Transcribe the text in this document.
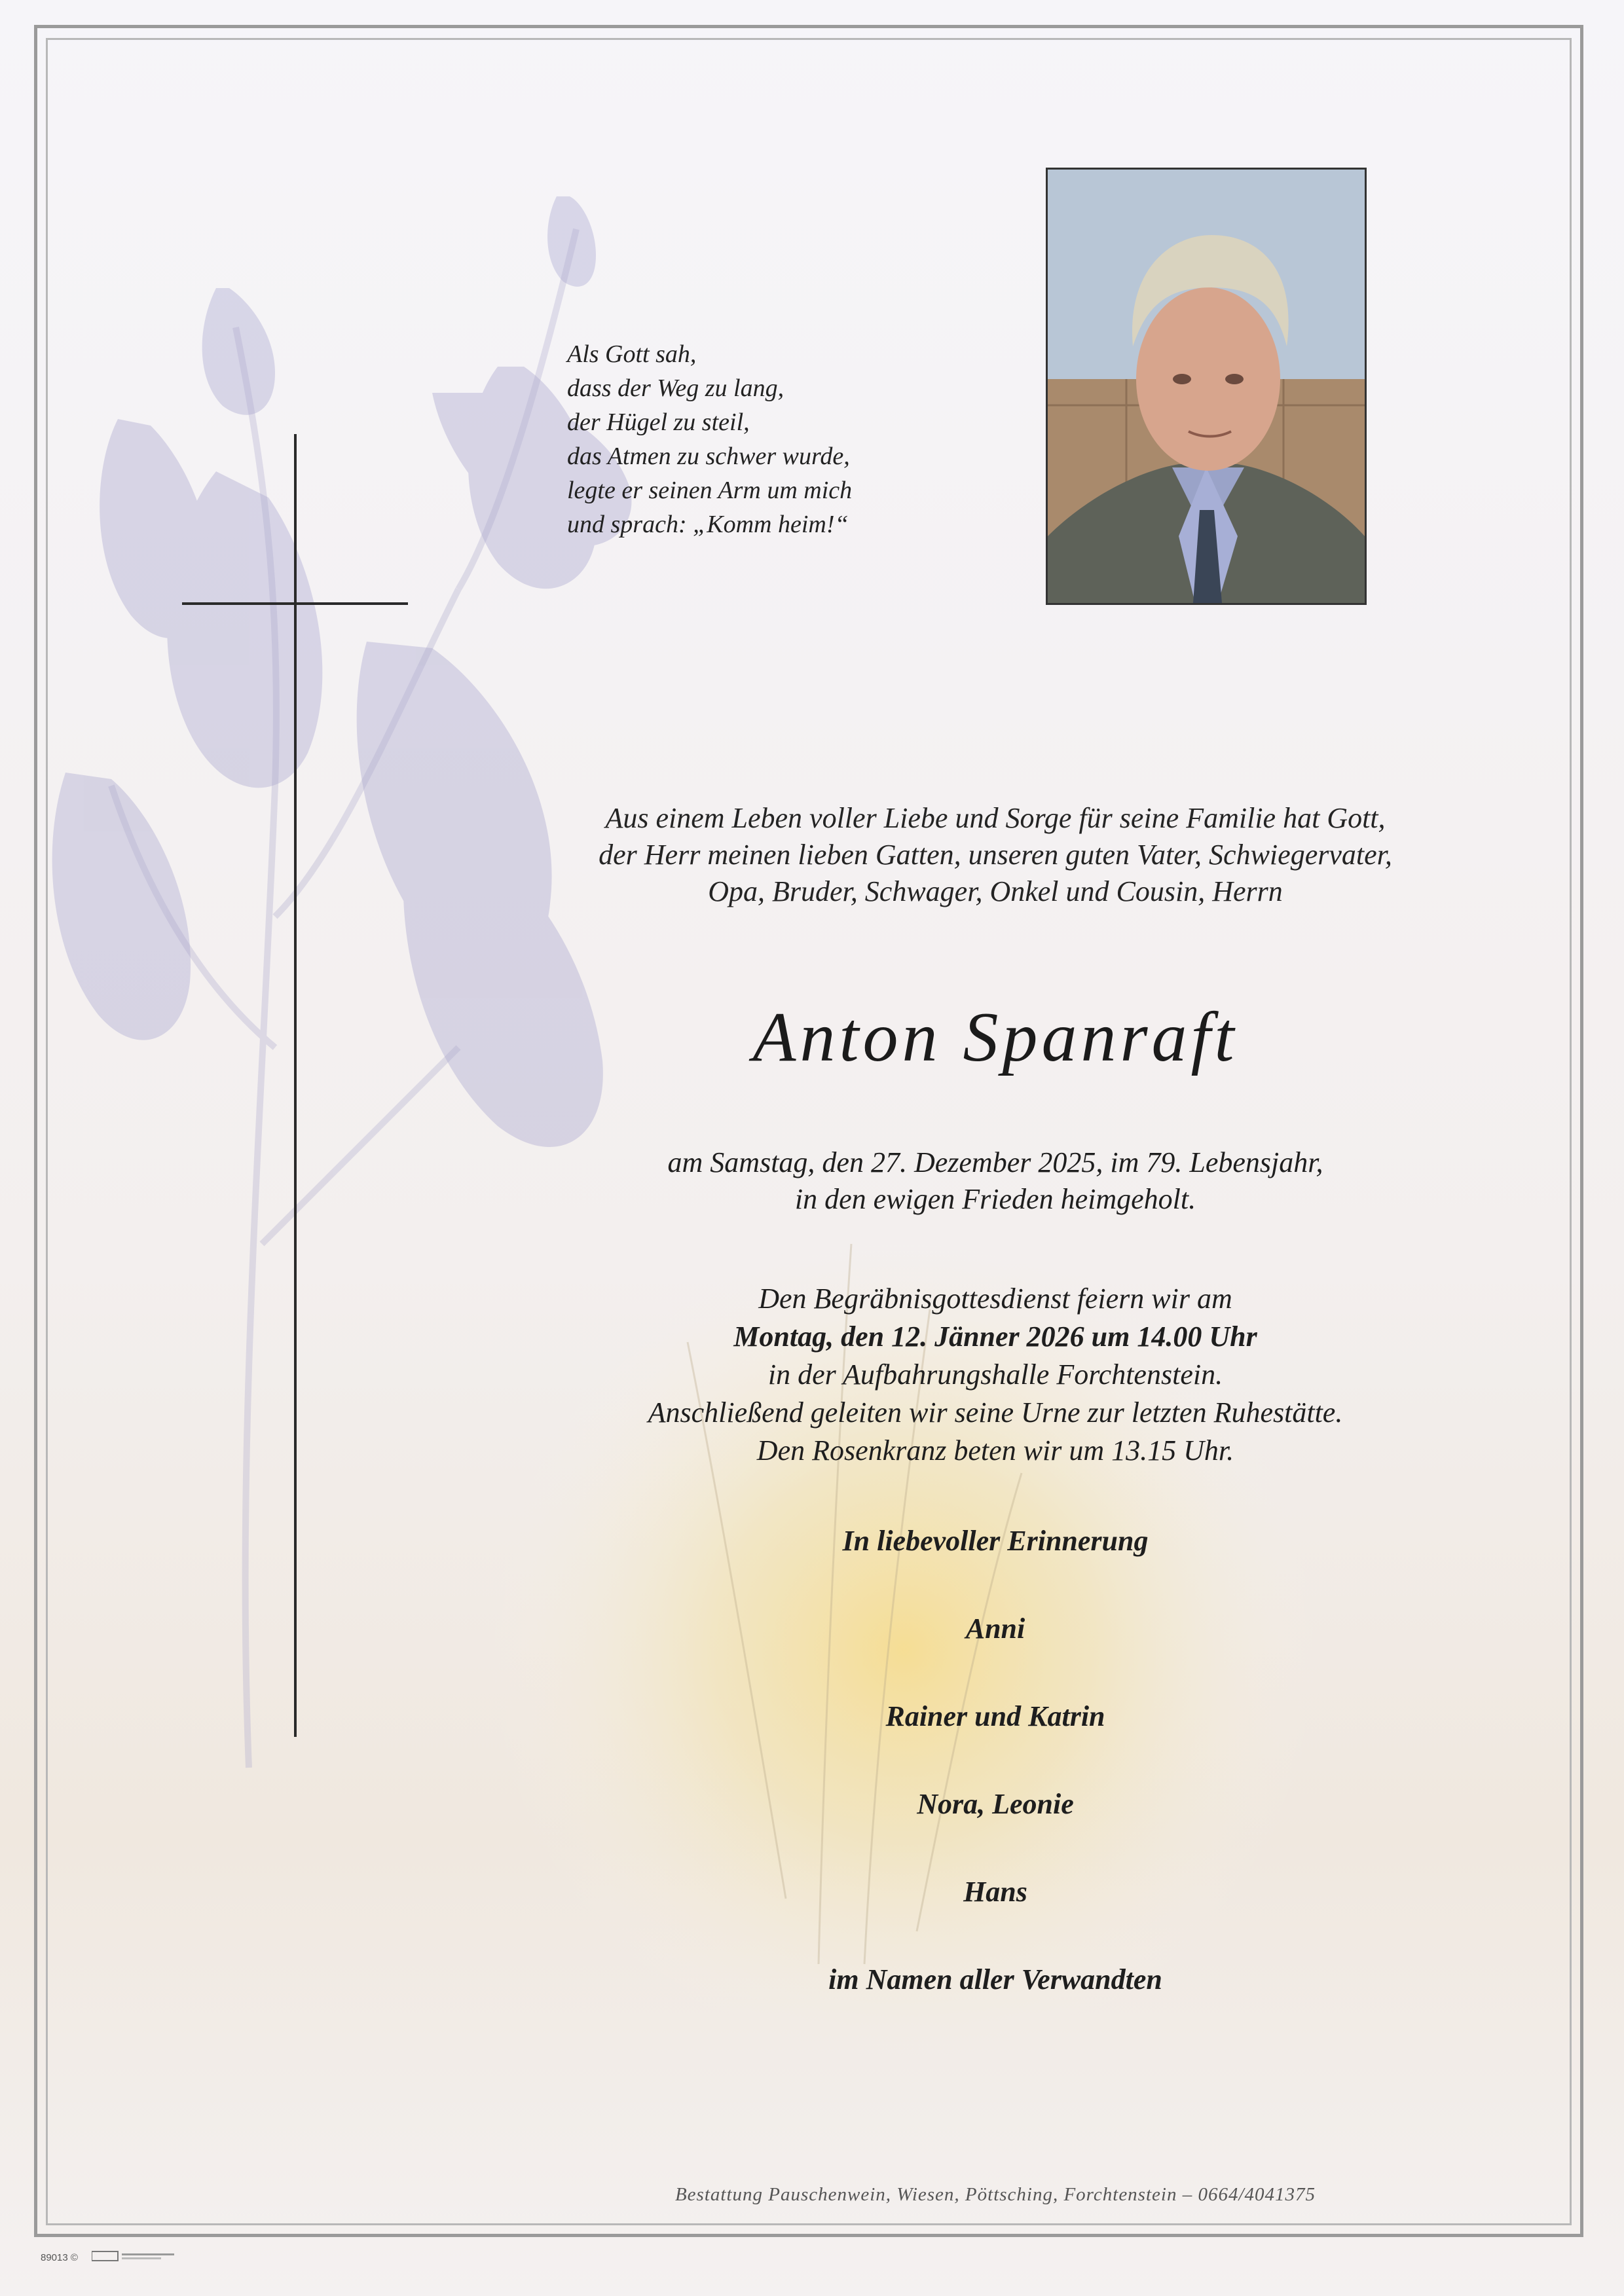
Als Gott sah,
dass der Weg zu lang,
der Hügel zu steil,
das Atmen zu schwer wurde,
legte er seinen Arm um mich
und sprach: „Komm heim!“
Aus einem Leben voller Liebe und Sorge für seine Familie hat Gott,
der Herr meinen lieben Gatten, unseren guten Vater, Schwiegervater,
Opa, Bruder, Schwager, Onkel und Cousin, Herrn
Anton Spanraft
am Samstag, den 27. Dezember 2025, im 79. Lebensjahr,
in den ewigen Frieden heimgeholt.
Den Begräbnisgottesdienst feiern wir am
Montag, den 12. Jänner 2026 um 14.00 Uhr
in der Aufbahrungshalle Forchtenstein.
Anschließend geleiten wir seine Urne zur letzten Ruhestätte.
Den Rosenkranz beten wir um 13.15 Uhr.
In liebevoller Erinnerung
Anni
Rainer und Katrin
Nora, Leonie
Hans
im Namen aller Verwandten
Bestattung Pauschenwein, Wiesen, Pöttsching, Forchtenstein – 0664/4041375
89013 ©
